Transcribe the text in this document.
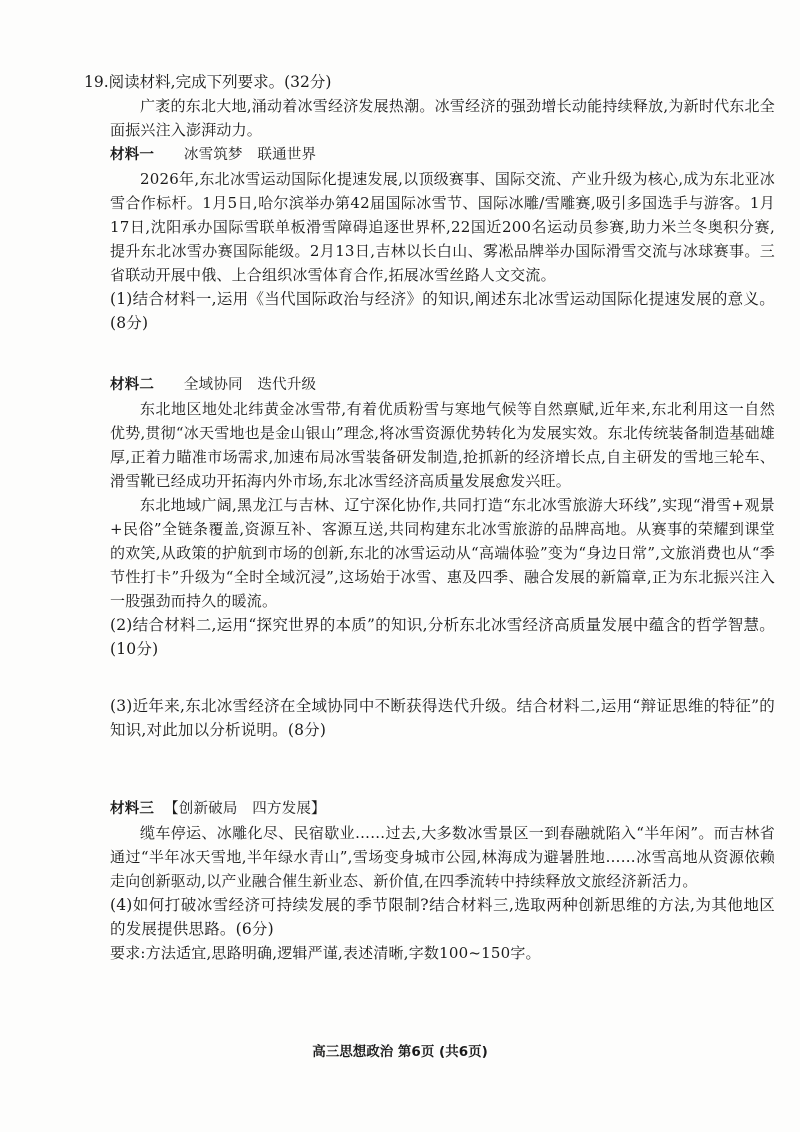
19.阅读材料,完成下列要求。(32分)

广袤的东北大地,涌动着冰雪经济发展热潮。冰雪经济的强劲增长动能持续释放,为新时代东北全面振兴注入澎湃动力。

材料一 冰雪筑梦　联通世界

2026年,东北冰雪运动国际化提速发展,以顶级赛事、国际交流、产业升级为核心,成为东北亚冰雪合作标杆。1月5日,哈尔滨举办第42届国际冰雪节、国际冰雕/雪雕赛,吸引多国选手与游客。1月17日,沈阳承办国际雪联单板滑雪障碍追逐世界杯,22国近200名运动员参赛,助力米兰冬奥积分赛,提升东北冰雪办赛国际能级。2月13日,吉林以长白山、雾凇品牌举办国际滑雪交流与冰球赛事。三省联动开展中俄、上合组织冰雪体育合作,拓展冰雪丝路人文交流。

(1)结合材料一,运用《当代国际政治与经济》的知识,阐述东北冰雪运动国际化提速发展的意义。(8分)

材料二 全域协同　迭代升级

东北地区地处北纬黄金冰雪带,有着优质粉雪与寒地气候等自然禀赋,近年来,东北利用这一自然优势,贯彻“冰天雪地也是金山银山”理念,将冰雪资源优势转化为发展实效。东北传统装备制造基础雄厚,正着力瞄准市场需求,加速布局冰雪装备研发制造,抢抓新的经济增长点,自主研发的雪地三轮车、滑雪靴已经成功开拓海内外市场,东北冰雪经济高质量发展愈发兴旺。

东北地域广阔,黑龙江与吉林、辽宁深化协作,共同打造“东北冰雪旅游大环线”,实现“滑雪+观景+民俗”全链条覆盖,资源互补、客源互送,共同构建东北冰雪旅游的品牌高地。从赛事的荣耀到课堂的欢笑,从政策的护航到市场的创新,东北的冰雪运动从“高端体验”变为“身边日常”,文旅消费也从“季节性打卡”升级为“全时全域沉浸”,这场始于冰雪、惠及四季、融合发展的新篇章,正为东北振兴注入一股强劲而持久的暖流。

(2)结合材料二,运用“探究世界的本质”的知识,分析东北冰雪经济高质量发展中蕴含的哲学智慧。(10分)

(3)近年来,东北冰雪经济在全域协同中不断获得迭代升级。结合材料二,运用“辩证思维的特征”的知识,对此加以分析说明。(8分)

材料三 【创新破局　四方发展】

缆车停运、冰雕化尽、民宿歇业……过去,大多数冰雪景区一到春融就陷入“半年闲”。而吉林省通过“半年冰天雪地,半年绿水青山”,雪场变身城市公园,林海成为避暑胜地……冰雪高地从资源依赖走向创新驱动,以产业融合催生新业态、新价值,在四季流转中持续释放文旅经济新活力。

(4)如何打破冰雪经济可持续发展的季节限制?结合材料三,选取两种创新思维的方法,为其他地区的发展提供思路。(6分)

要求:方法适宜,思路明确,逻辑严谨,表述清晰,字数100~150字。

高三思想政治 第6页 (共6页)
